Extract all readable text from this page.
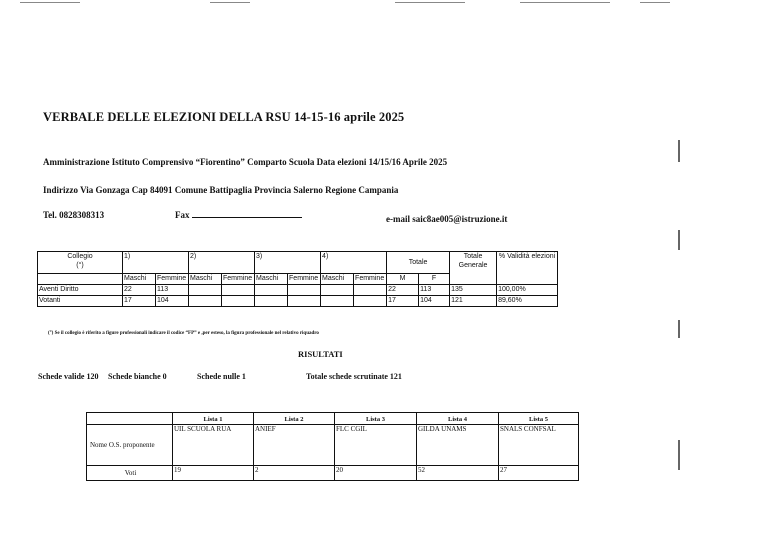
VERBALE DELLE ELEZIONI DELLA RSU 14-15-16 aprile 2025
Amministrazione Istituto Comprensivo “Fiorentino” Comparto Scuola Data elezioni 14/15/16 Aprile 2025
Indirizzo Via Gonzaga Cap 84091 Comune Battipaglia Provincia Salerno Regione Campania
Tel. 0828308313	Fax	e-mail saic8ae005@istruzione.it
Collegio
(°)	1)		2)		3)		4)		Totale		Totale Generale	% Validità elezioni
	Maschi	Femmine	Maschi	Femmine	Maschi	Femmine	Maschi	Femmine	M	F		
Aventi Diritto	22	113							22	113	135	100,00%
Votanti	17	104							17	104	121	89,60%
(°) Se il collegio è riferito a figure professionali indicare il codice “FP” e ,per esteso, la figura professionale nel relativo riquadro
RISULTATI
Schede valide 120 Schede bianche 0	Schede nulle 1	Totale schede scrutinate 121
	Lista 1	Lista 2	Lista 3	Lista 4	Lista 5
Nome O.S. proponente	UIL SCUOLA RUA	ANIEF	FLC CGIL	GILDA UNAMS	SNALS CONFSAL
Voti	19	2	20	52	27
